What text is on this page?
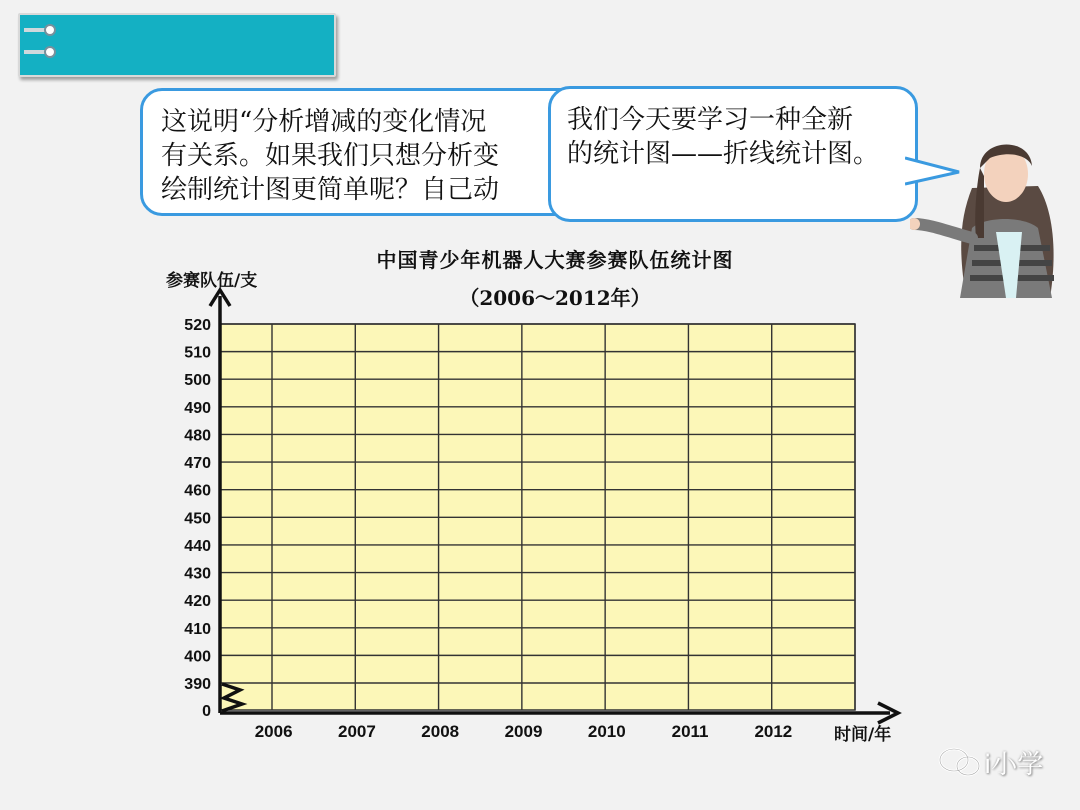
这说明“分析增减的变化情况
有关系。如果我们只想分析变
绘制统计图更简单呢？自己动
我们今天要学习一种全新
的统计图——折线统计图。
中国青少年机器人大赛参赛队伍统计图
（2006～2012年）
参赛队伍/支
时间/年
0
390
400
410
420
430
440
450
460
470
480
490
500
510
520
2006	2007	2008	2009	2010	2011	2012
i小学
